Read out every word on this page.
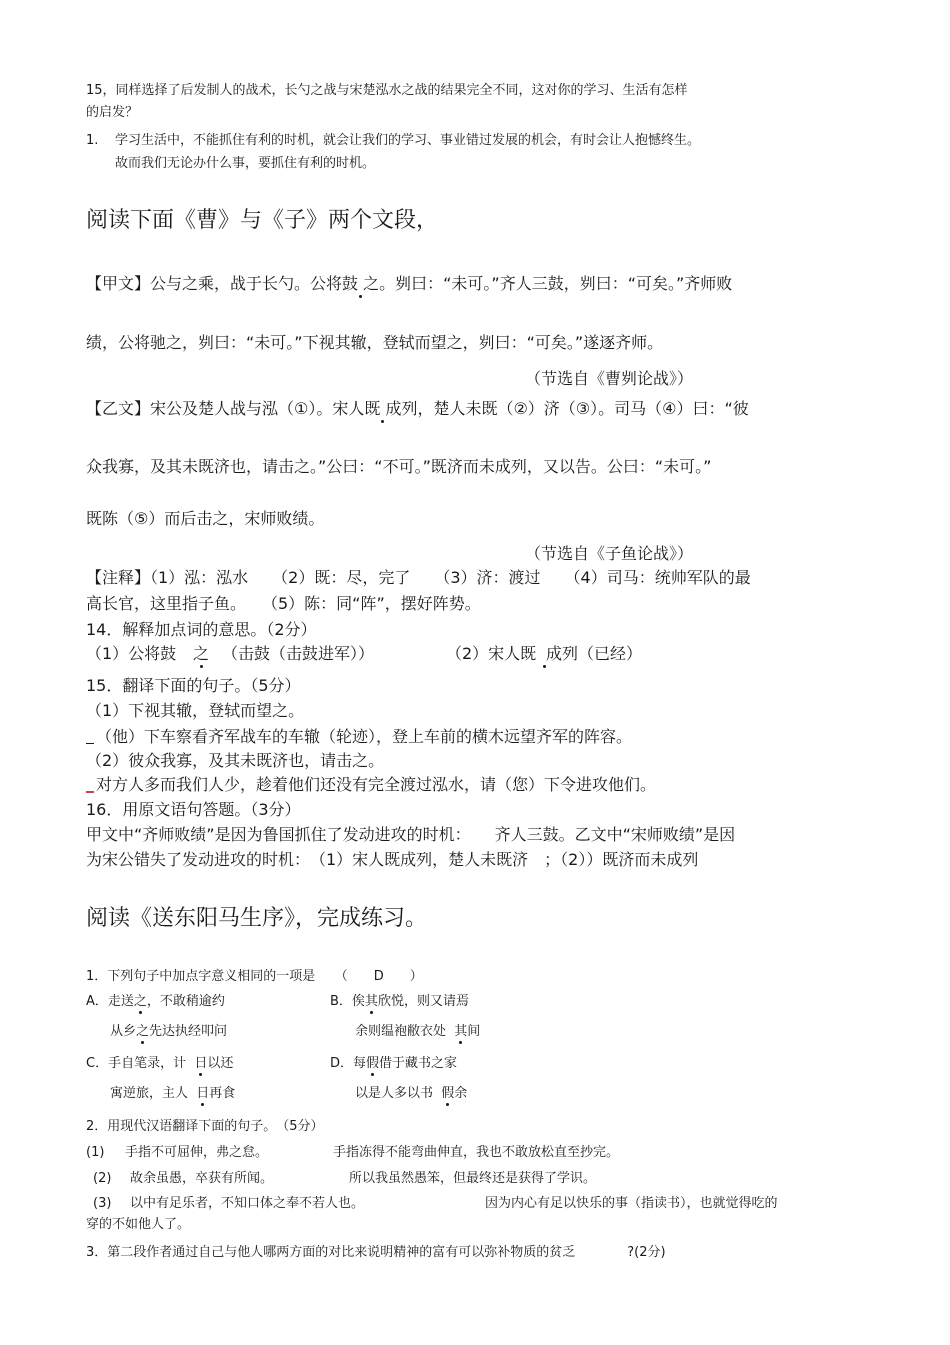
15，同样选择了后发制人的战术，长勺之战与宋楚泓水之战的结果完全不同，这对你的学习、生活有怎样
的启发？
1. 学习生活中，不能抓住有利的时机，就会让我们的学习、事业错过发展的机会，有时会让人抱憾终生。
故而我们无论办什么事，要抓住有利的时机。
阅读下面《曹》与《子》两个文段，
【甲文】公与之乘，战于长勺。公将鼓 之。刿曰：“未可。”齐人三鼓，刿曰：“可矣。”齐师败
绩，公将驰之，刿曰：“未可。”下视其辙，登轼而望之，刿曰：“可矣。”遂逐齐师。
（节选自《曹刿论战》）
【乙文】宋公及楚人战与泓（①）。宋人既 成列，楚人未既（②）济（③）。司马（④）曰：“彼
众我寡，及其未既济也，请击之。”公曰：“不可。”既济而未成列，又以告。公曰：“未可。”
既陈（⑤）而后击之，宋师败绩。
（节选自《子鱼论战》）
【注释】（1）泓：泓水　　（2）既：尽，完了　　（3）济：渡过　　（4）司马：统帅军队的最
高长官，这里指子鱼。　　（5）陈：同“阵”，摆好阵势。
14．解释加点词的意思。（2分）
（1）公将鼓 之 （击鼓（击鼓进军））	（2）宋人既
成列（已经）
15．翻译下面的句子。（5分）
（1）下视其辙，登轼而望之。
（他）下车察看齐军战车的车辙（轮迹），登上车前的横木远望齐军的阵容。
（2）彼众我寡，及其未既济也，请击之。
对方人多而我们人少，趁着他们还没有完全渡过泓水，请（您）下令进攻他们。
16．用原文语句答题。（3分）
甲文中“齐师败绩”是因为鲁国抓住了发动进攻的时机：　　齐人三鼓。乙文中“宋师败绩”是因
为宋公错失了发动进攻的时机：　（1）宋人既成列，楚人未既济　；（2））既济而未成列
阅读《送东阳马生序》，完成练习。
1．下列句子中加点字意义相同的一项是　　（　　D　　）
A．走送之，不敢稍逾约
从乡之先达执经叩问
B．俟其欣悦，则又请焉
余则缊袍敝衣处 其间
C．手自笔录，计 日以还
寓逆旅，主人 日再食
D．每假借于藏书之家
以是人多以书 假余
2．用现代汉语翻译下面的句子。　（5分）
(1) 手指不可屈伸，弗之怠。	手指冻得不能弯曲伸直，我也不敢放松直至抄完。
(2) 故余虽愚，卒获有所闻。	所以我虽然愚笨，但最终还是获得了学识。
(3) 以中有足乐者，不知口体之奉不若人也。	因为内心有足以快乐的事（指读书），也就觉得吃的
穿的不如他人了。
3．第二段作者通过自己与他人哪两方面的对比来说明精神的富有可以弥补物质的贫乏　　　　?(2分)
